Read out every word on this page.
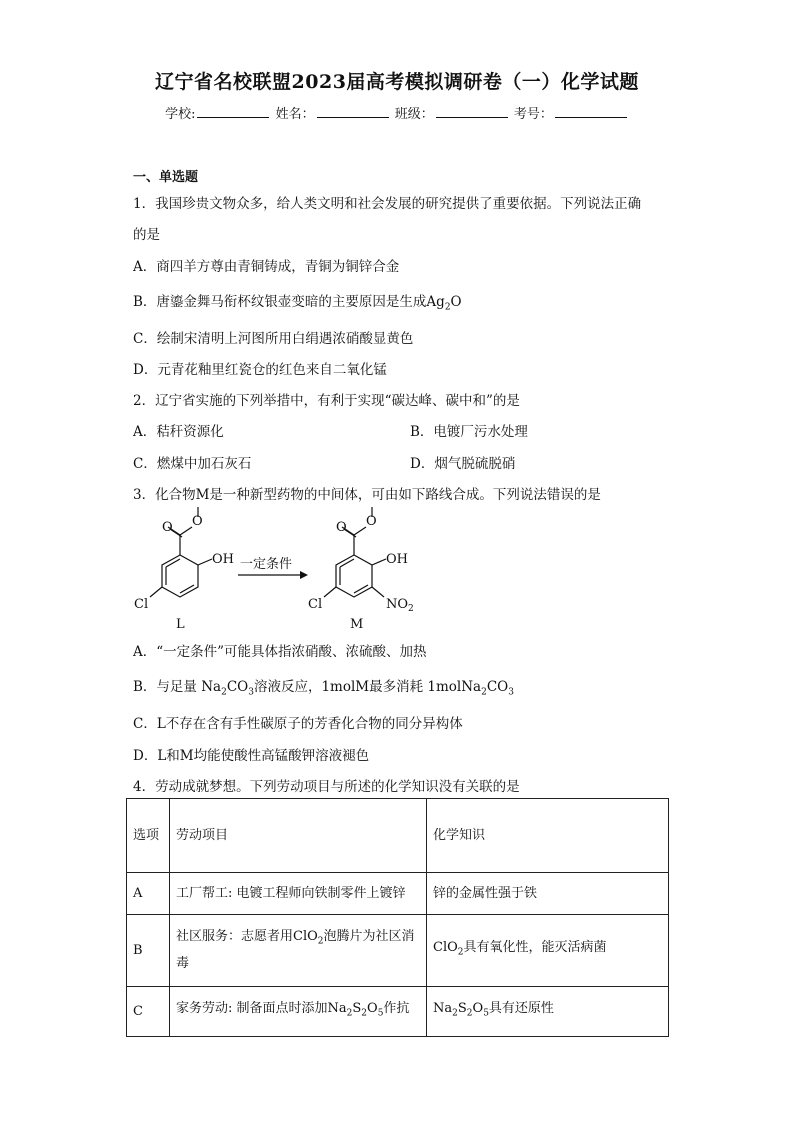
辽宁省名校联盟2023届高考模拟调研卷（一）化学试题
学校:	姓名：	班级：	考号：
一、单选题
1．我国珍贵文物众多，给人类文明和社会发展的研究提供了重要依据。下列说法正确
的是
A．商四羊方尊由青铜铸成，青铜为铜锌合金
B．唐鎏金舞马衔杯纹银壶变暗的主要原因是生成$Ag_2O$
C．绘制宋清明上河图所用白绢遇浓硝酸显黄色
D．元青花釉里红瓷仓的红色来自二氧化锰
2．辽宁省实施的下列举措中，有利于实现“碳达峰、碳中和”的是
A．秸秆资源化	B．电镀厂污水处理
C．燃煤中加石灰石	D．烟气脱硫脱硝
3．化合物M是一种新型药物的中间体，可由如下路线合成。下列说法错误的是
O O
OH
Cl
L
一定条件
O O
OH
Cl	$NO_2$
M
A．“一定条件”可能具体指浓硝酸、浓硫酸、加热
B．与足量 $Na_2CO_3$溶液反应，1molM最多消耗 $1molNa_2CO_3$
C．L不存在含有手性碳原子的芳香化合物的同分异构体
D．L和M均能使酸性高锰酸钾溶液褪色
4．劳动成就梦想。下列劳动项目与所述的化学知识没有关联的是
选项	劳动项目	化学知识
A	工厂帮工: 电镀工程师向铁制零件上镀锌	锌的金属性强于铁
B	社区服务：志愿者用ClO$_2$泡腾片为社区消毒	ClO$_2$具有氧化性，能灭活病菌
C	家务劳动: 制备面点时添加$Na_2S_2O_5$作抗	$Na_2S_2O_5$具有还原性
